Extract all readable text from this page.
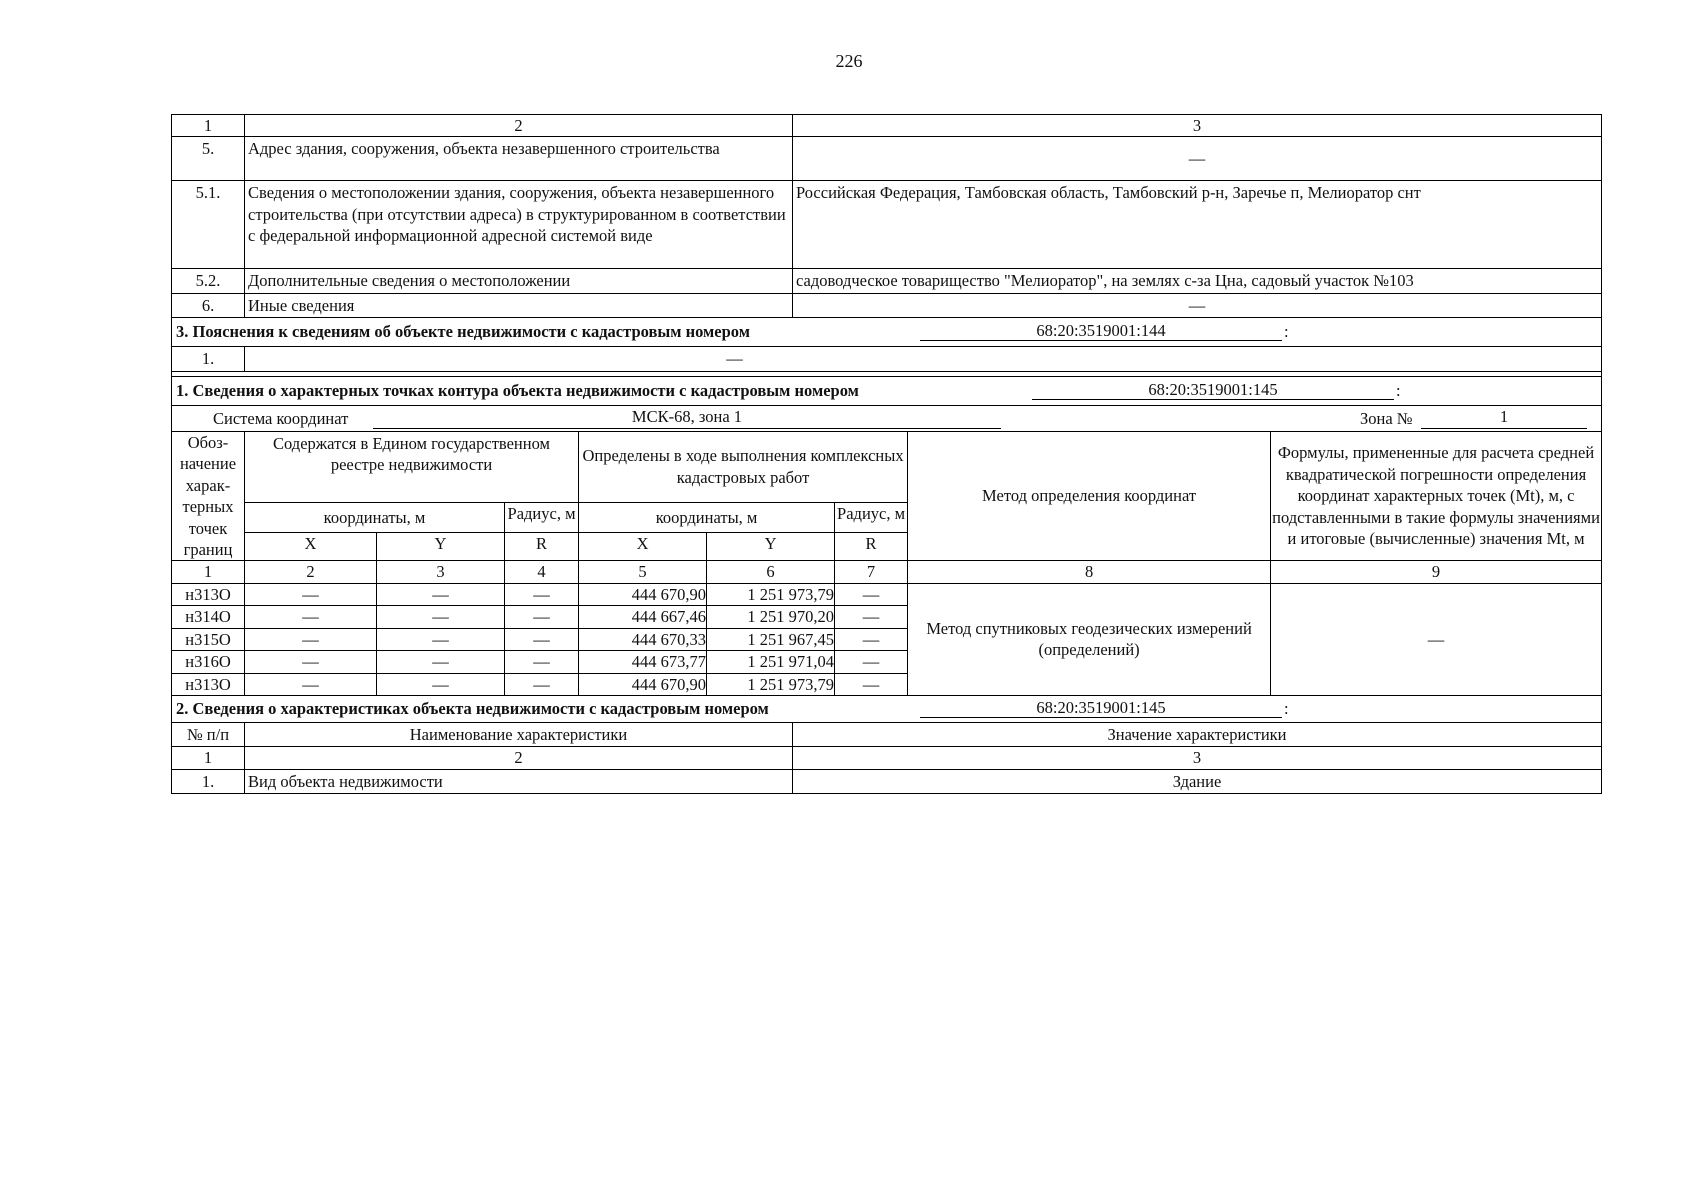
226
1	2	3
5.	Адрес здания, сооружения, объекта незавершенного строительства	—
5.1.	Сведения о местоположении здания, сооружения, объекта незавершенного строительства (при отсутствии адреса) в структурированном в соответствии с федеральной информационной адресной системой виде	Российская Федерация, Тамбовская область, Тамбовский р-н, Заречье п, Мелиоратор снт
5.2.	Дополнительные сведения о местоположении	садоводческое товарищество "Мелиоратор", на землях с-за Цна, садовый участок №103
6.	Иные сведения	—
3. Пояснения к сведениям об объекте недвижимости с кадастровым номером	68:20:3519001:144	:
1.	—
1. Сведения о характерных точках контура объекта недвижимости с кадастровым номером	68:20:3519001:145	:
Система координат	МСК-68, зона 1	Зона №	1
Обоз-начение харак-терных точек границ	Содержатся в Едином государственном реестре недвижимости			Определены в ходе выполнения комплексных кадастровых работ			Метод определения координат	Формулы, примененные для расчета средней квадратической погрешности определения координат характерных точек (Mt), м, с подставленными в такие формулы значениями и итоговые (вычисленные) значения Mt, м
	координаты, м		Радиус, м	координаты, м		Радиус, м		
	X	Y	R	X	Y	R		
1	2	3	4	5	6	7	8	9
н313О	—	—	—	444 670,90	1 251 973,79	—	Метод спутниковых геодезических измерений (определений)	—
н314О	—	—	—	444 667,46	1 251 970,20	—		
н315О	—	—	—	444 670,33	1 251 967,45	—		
н316О	—	—	—	444 673,77	1 251 971,04	—		
н313О	—	—	—	444 670,90	1 251 973,79	—		
2. Сведения о характеристиках объекта недвижимости с кадастровым номером	68:20:3519001:145	:
№ п/п	Наименование характеристики	Значение характеристики
1	2	3
1.	Вид объекта недвижимости	Здание
